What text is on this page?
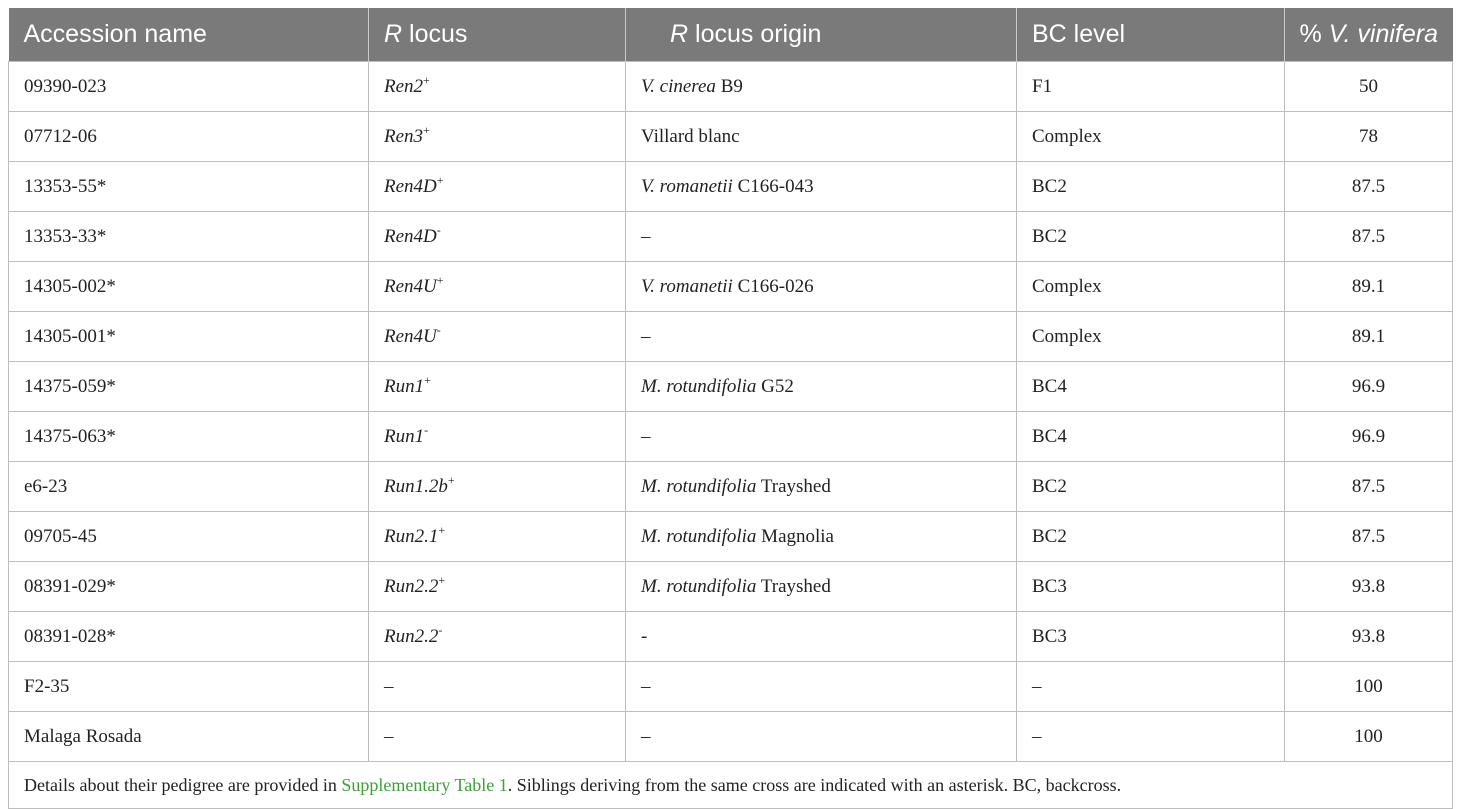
Accession name	R locus	R locus origin	BC level	% V. vinifera
09390-023	Ren2+	V. cinerea B9	F1	50
07712-06	Ren3+	Villard blanc	Complex	78
13353-55*	Ren4D+	V. romanetii C166-043	BC2	87.5
13353-33*	Ren4D-	–	BC2	87.5
14305-002*	Ren4U+	V. romanetii C166-026	Complex	89.1
14305-001*	Ren4U-	–	Complex	89.1
14375-059*	Run1+	M. rotundifolia G52	BC4	96.9
14375-063*	Run1-	–	BC4	96.9
e6-23	Run1.2b+	M. rotundifolia Trayshed	BC2	87.5
09705-45	Run2.1+	M. rotundifolia Magnolia	BC2	87.5
08391-029*	Run2.2+	M. rotundifolia Trayshed	BC3	93.8
08391-028*	Run2.2-	-	BC3	93.8
F2-35	–	–	–	100
Malaga Rosada	–	–	–	100
Details about their pedigree are provided in Supplementary Table 1. Siblings deriving from the same cross are indicated with an asterisk. BC, backcross.				
